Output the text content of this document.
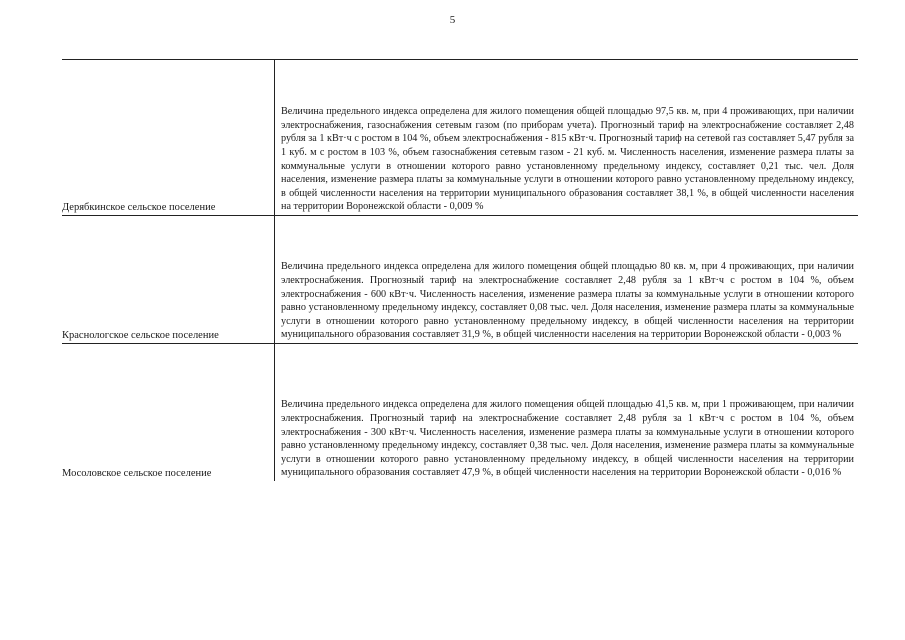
5
Дерябкинское сельское поселение
Величина предельного индекса определена для жилого помещения общей площадью 97,5 кв. м, при 4 проживающих, при наличии электроснабжения, газоснабжения сетевым газом (по приборам учета). Прогнозный тариф на электроснабжение составляет 2,48 рубля за 1 кВт·ч с ростом в 104 %, объем электроснабжения - 815 кВт·ч. Прогнозный тариф на сетевой газ составляет 5,47 рубля за 1 куб. м с ростом в 103 %, объем газоснабжения сетевым газом - 21 куб. м. Численность населения, изменение размера платы за коммунальные услуги в отношении которого равно установленному предельному индексу, составляет 0,21 тыс. чел. Доля населения, изменение размера платы за коммунальные услуги в отношении которого равно установленному предельному индексу, в общей численности населения на территории муниципального образования составляет 38,1 %, в общей численности населения на территории Воронежской области - 0,009 %
Краснологское сельское поселение
Величина предельного индекса определена для жилого помещения общей площадью 80 кв. м, при 4 проживающих, при наличии электроснабжения. Прогнозный тариф на электроснабжение составляет 2,48 рубля за 1 кВт·ч с ростом в 104 %, объем электроснабжения - 600 кВт·ч. Численность населения, изменение размера платы за коммунальные услуги в отношении которого равно установленному предельному индексу, составляет 0,08 тыс. чел. Доля населения, изменение размера платы за коммунальные услуги в отношении которого равно установленному предельному индексу, в общей численности населения на территории муниципального образования составляет 31,9 %, в общей численности населения на территории Воронежской области - 0,003 %
Мосоловское сельское поселение
Величина предельного индекса определена для жилого помещения общей площадью 41,5 кв. м, при 1 проживающем, при наличии электроснабжения. Прогнозный тариф на электроснабжение составляет 2,48 рубля за 1 кВт·ч с ростом в 104 %, объем электроснабжения - 300 кВт·ч. Численность населения, изменение размера платы за коммунальные услуги в отношении которого равно установленному предельному индексу, составляет 0,38 тыс. чел. Доля населения, изменение размера платы за коммунальные услуги в отношении которого равно установленному предельному индексу, в общей численности населения на территории муниципального образования составляет 47,9 %, в общей численности населения на территории Воронежской области - 0,016 %
